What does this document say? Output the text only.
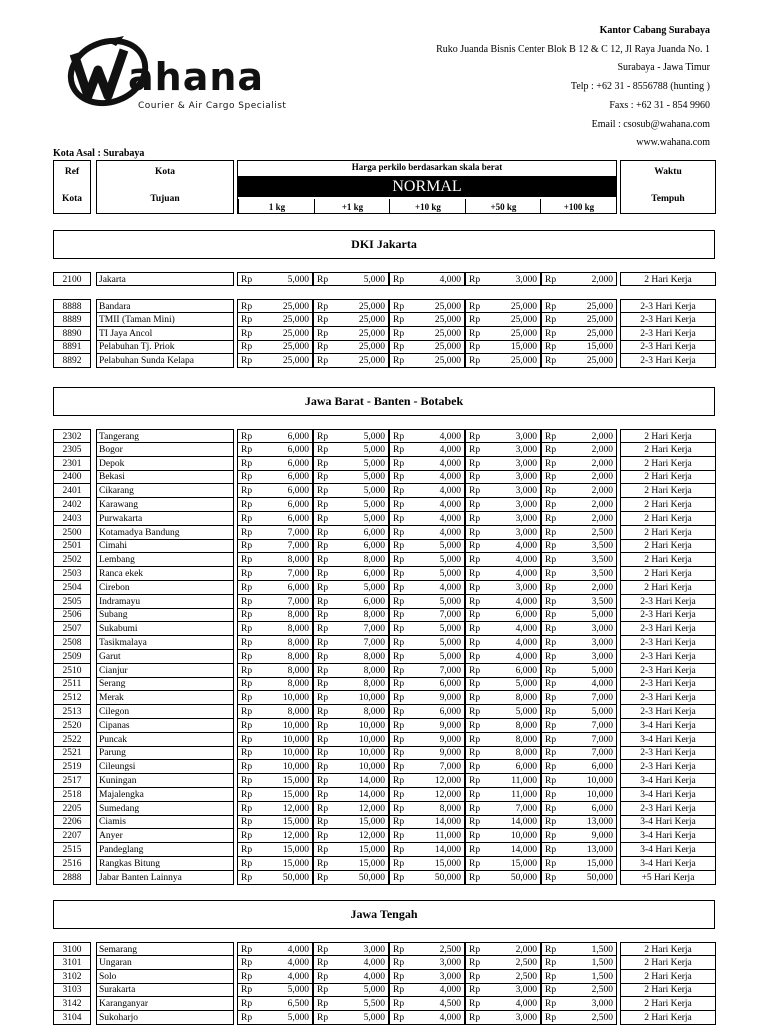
ahana
Courier & Air Cargo Specialist
Kantor Cabang Surabaya
Ruko Juanda Bisnis Center Blok B 12 & C 12, Jl Raya Juanda No. 1
Surabaya - Jawa Timur
Telp : +62 31 - 8556788 (hunting )
Faxs : +62 31 - 854 9960
Email : csosub@wahana.com
www.wahana.com
Kota Asal : Surabaya
Ref
Kota
Kota
Tujuan
Harga perkilo berdasarkan skala berat
NORMAL
1 kg	+1 kg	+10 kg	+50 kg	+100 kg
Waktu
Tempuh
DKI Jakarta
2100	Jakarta	Rp	5,000 Rp	5,000 Rp	4,000 Rp	3,000 Rp	2,000	2 Hari Kerja
8888	Bandara	Rp	25,000 Rp	25,000 Rp	25,000 Rp	25,000 Rp	25,000	2-3 Hari Kerja
8889	TMII (Taman Mini)	Rp	25,000 Rp	25,000 Rp	25,000 Rp	25,000 Rp	25,000	2-3 Hari Kerja
8890	TI Jaya Ancol	Rp	25,000 Rp	25,000 Rp	25,000 Rp	25,000 Rp	25,000	2-3 Hari Kerja
8891	Pelabuhan Tj. Priok	Rp	25,000 Rp	25,000 Rp	25,000 Rp	15,000 Rp	15,000	2-3 Hari Kerja
8892	Pelabuhan Sunda Kelapa	Rp	25,000 Rp	25,000 Rp	25,000 Rp	25,000 Rp	25,000	2-3 Hari Kerja
Jawa Barat - Banten - Botabek
2302	Tangerang	Rp	6,000 Rp	5,000 Rp	4,000 Rp	3,000 Rp	2,000	2 Hari Kerja
2305	Bogor	Rp	6,000 Rp	5,000 Rp	4,000 Rp	3,000 Rp	2,000	2 Hari Kerja
2301	Depok	Rp	6,000 Rp	5,000 Rp	4,000 Rp	3,000 Rp	2,000	2 Hari Kerja
2400	Bekasi	Rp	6,000 Rp	5,000 Rp	4,000 Rp	3,000 Rp	2,000	2 Hari Kerja
2401	Cikarang	Rp	6,000 Rp	5,000 Rp	4,000 Rp	3,000 Rp	2,000	2 Hari Kerja
2402	Karawang	Rp	6,000 Rp	5,000 Rp	4,000 Rp	3,000 Rp	2,000	2 Hari Kerja
2403	Purwakarta	Rp	6,000 Rp	5,000 Rp	4,000 Rp	3,000 Rp	2,000	2 Hari Kerja
2500	Kotamadya Bandung	Rp	7,000 Rp	6,000 Rp	4,000 Rp	3,000 Rp	2,500	2 Hari Kerja
2501	Cimahi	Rp	7,000 Rp	6,000 Rp	5,000 Rp	4,000 Rp	3,500	2 Hari Kerja
2502	Lembang	Rp	8,000 Rp	8,000 Rp	5,000 Rp	4,000 Rp	3,500	2 Hari Kerja
2503	Ranca ekek	Rp	7,000 Rp	6,000 Rp	5,000 Rp	4,000 Rp	3,500	2 Hari Kerja
2504	Cirebon	Rp	6,000 Rp	5,000 Rp	4,000 Rp	3,000 Rp	2,000	2 Hari Kerja
2505	Indramayu	Rp	7,000 Rp	6,000 Rp	5,000 Rp	4,000 Rp	3,500	2-3 Hari Kerja
2506	Subang	Rp	8,000 Rp	8,000 Rp	7,000 Rp	6,000 Rp	5,000	2-3 Hari Kerja
2507	Sukabumi	Rp	8,000 Rp	7,000 Rp	5,000 Rp	4,000 Rp	3,000	2-3 Hari Kerja
2508	Tasikmalaya	Rp	8,000 Rp	7,000 Rp	5,000 Rp	4,000 Rp	3,000	2-3 Hari Kerja
2509	Garut	Rp	8,000 Rp	8,000 Rp	5,000 Rp	4,000 Rp	3,000	2-3 Hari Kerja
2510	Cianjur	Rp	8,000 Rp	8,000 Rp	7,000 Rp	6,000 Rp	5,000	2-3 Hari Kerja
2511	Serang	Rp	8,000 Rp	8,000 Rp	6,000 Rp	5,000 Rp	4,000	2-3 Hari Kerja
2512	Merak	Rp	10,000 Rp	10,000 Rp	9,000 Rp	8,000 Rp	7,000	2-3 Hari Kerja
2513	Cilegon	Rp	8,000 Rp	8,000 Rp	6,000 Rp	5,000 Rp	5,000	2-3 Hari Kerja
2520	Cipanas	Rp	10,000 Rp	10,000 Rp	9,000 Rp	8,000 Rp	7,000	3-4 Hari Kerja
2522	Puncak	Rp	10,000 Rp	10,000 Rp	9,000 Rp	8,000 Rp	7,000	3-4 Hari Kerja
2521	Parung	Rp	10,000 Rp	10,000 Rp	9,000 Rp	8,000 Rp	7,000	2-3 Hari Kerja
2519	Cileungsi	Rp	10,000 Rp	10,000 Rp	7,000 Rp	6,000 Rp	6,000	2-3 Hari Kerja
2517	Kuningan	Rp	15,000 Rp	14,000 Rp	12,000 Rp	11,000 Rp	10,000	3-4 Hari Kerja
2518	Majalengka	Rp	15,000 Rp	14,000 Rp	12,000 Rp	11,000 Rp	10,000	3-4 Hari Kerja
2205	Sumedang	Rp	12,000 Rp	12,000 Rp	8,000 Rp	7,000 Rp	6,000	2-3 Hari Kerja
2206	Ciamis	Rp	15,000 Rp	15,000 Rp	14,000 Rp	14,000 Rp	13,000	3-4 Hari Kerja
2207	Anyer	Rp	12,000 Rp	12,000 Rp	11,000 Rp	10,000 Rp	9,000	3-4 Hari Kerja
2515	Pandeglang	Rp	15,000 Rp	15,000 Rp	14,000 Rp	14,000 Rp	13,000	3-4 Hari Kerja
2516	Rangkas Bitung	Rp	15,000 Rp	15,000 Rp	15,000 Rp	15,000 Rp	15,000	3-4 Hari Kerja
2888	Jabar Banten Lainnya	Rp	50,000 Rp	50,000 Rp	50,000 Rp	50,000 Rp	50,000	+5 Hari Kerja
Jawa Tengah
3100	Semarang	Rp	4,000 Rp	3,000 Rp	2,500 Rp	2,000 Rp	1,500	2 Hari Kerja
3101	Ungaran	Rp	4,000 Rp	4,000 Rp	3,000 Rp	2,500 Rp	1,500	2 Hari Kerja
3102	Solo	Rp	4,000 Rp	4,000 Rp	3,000 Rp	2,500 Rp	1,500	2 Hari Kerja
3103	Surakarta	Rp	5,000 Rp	5,000 Rp	4,000 Rp	3,000 Rp	2,500	2 Hari Kerja
3142	Karanganyar	Rp	6,500 Rp	5,500 Rp	4,500 Rp	4,000 Rp	3,000	2 Hari Kerja
3104	Sukoharjo	Rp	5,000 Rp	5,000 Rp	4,000 Rp	3,000 Rp	2,500	2 Hari Kerja
